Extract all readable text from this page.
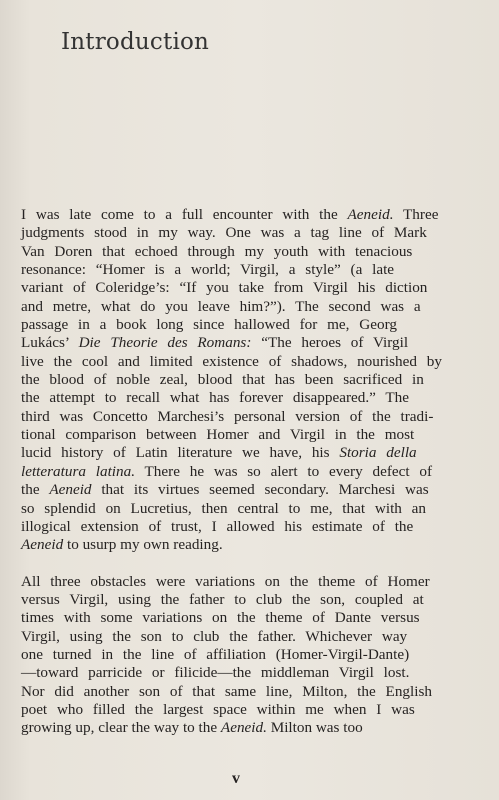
Introduction
I was late come to a full encounter with the Aeneid. Three
judgments stood in my way. One was a tag line of Mark
Van Doren that echoed through my youth with tenacious
resonance: “Homer is a world; Virgil, a style” (a late
variant of Coleridge’s: “If you take from Virgil his diction
and metre, what do you leave him?”). The second was a
passage in a book long since hallowed for me, Georg
Lukács’ Die Theorie des Romans: “The heroes of Virgil
live the cool and limited existence of shadows, nourished by
the blood of noble zeal, blood that has been sacrificed in
the attempt to recall what has forever disappeared.” The
third was Concetto Marchesi’s personal version of the tradi-
tional comparison between Homer and Virgil in the most
lucid history of Latin literature we have, his Storia della
letteratura latina. There he was so alert to every defect of
the Aeneid that its virtues seemed secondary. Marchesi was
so splendid on Lucretius, then central to me, that with an
illogical extension of trust, I allowed his estimate of the
Aeneid to usurp my own reading.
All three obstacles were variations on the theme of Homer
versus Virgil, using the father to club the son, coupled at
times with some variations on the theme of Dante versus
Virgil, using the son to club the father. Whichever way
one turned in the line of affiliation (Homer-Virgil-Dante)
—toward parricide or filicide—the middleman Virgil lost.
Nor did another son of that same line, Milton, the English
poet who filled the largest space within me when I was
growing up, clear the way to the Aeneid. Milton was too
v
